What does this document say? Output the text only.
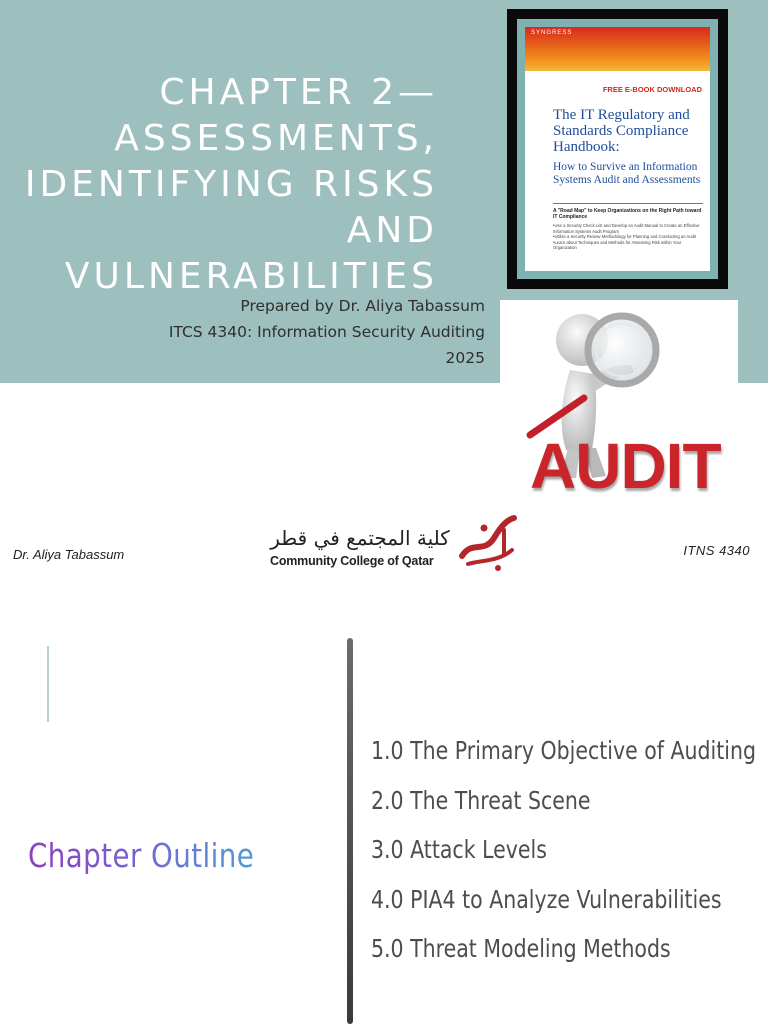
CHAPTER 2—
ASSESSMENTS,
IDENTIFYING RISKS
AND VULNERABILITIES
Prepared by Dr. Aliya Tabassum
ITCS 4340: Information Security Auditing
2025
SYNGRESS
FREE E-BOOK DOWNLOAD
The IT Regulatory and Standards Compliance Handbook:
How to Survive an Information Systems Audit and Assessments
A "Road Map" to Keep Organizations on the Right Path toward IT Compliance
• Use a Security Check List and Develop an Audit Manual to Create an Effective Information Systems Audit Program
• Utilize a Security Review Methodology for Planning and Conducting an Audit
• Learn about Techniques and Methods for Assessing Risk within Your Organization
AUDIT
Dr. Aliya Tabassum
كلية المجتمع في قطر
Community College of Qatar
ITNS 4340
Chapter Outline
1.0 The Primary Objective of Auditing
2.0 The Threat Scene
3.0 Attack Levels
4.0 PIA4 to Analyze Vulnerabilities
5.0 Threat Modeling Methods
